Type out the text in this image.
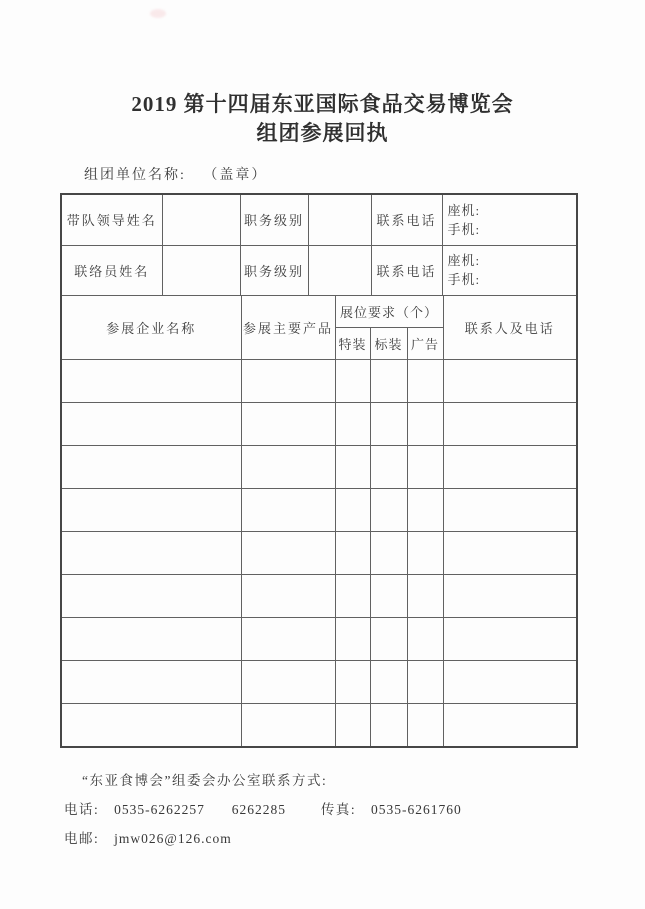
2019 第十四届东亚国际食品交易博览会
组团参展回执
组团单位名称: （盖章）
带队领导姓名		职务级别		联系电话	座机:
手机:

联络员姓名		职务级别		联系电话	座机:
手机:
参展企业名称	参展主要产品	展位要求（个）			联系人及电话
		特装	标装	广告	

“东亚食博会”组委会办公室联系方式:
电话: 0535-6262257 6262285	传真: 0535-6261760
电邮: jmw026@126.com
